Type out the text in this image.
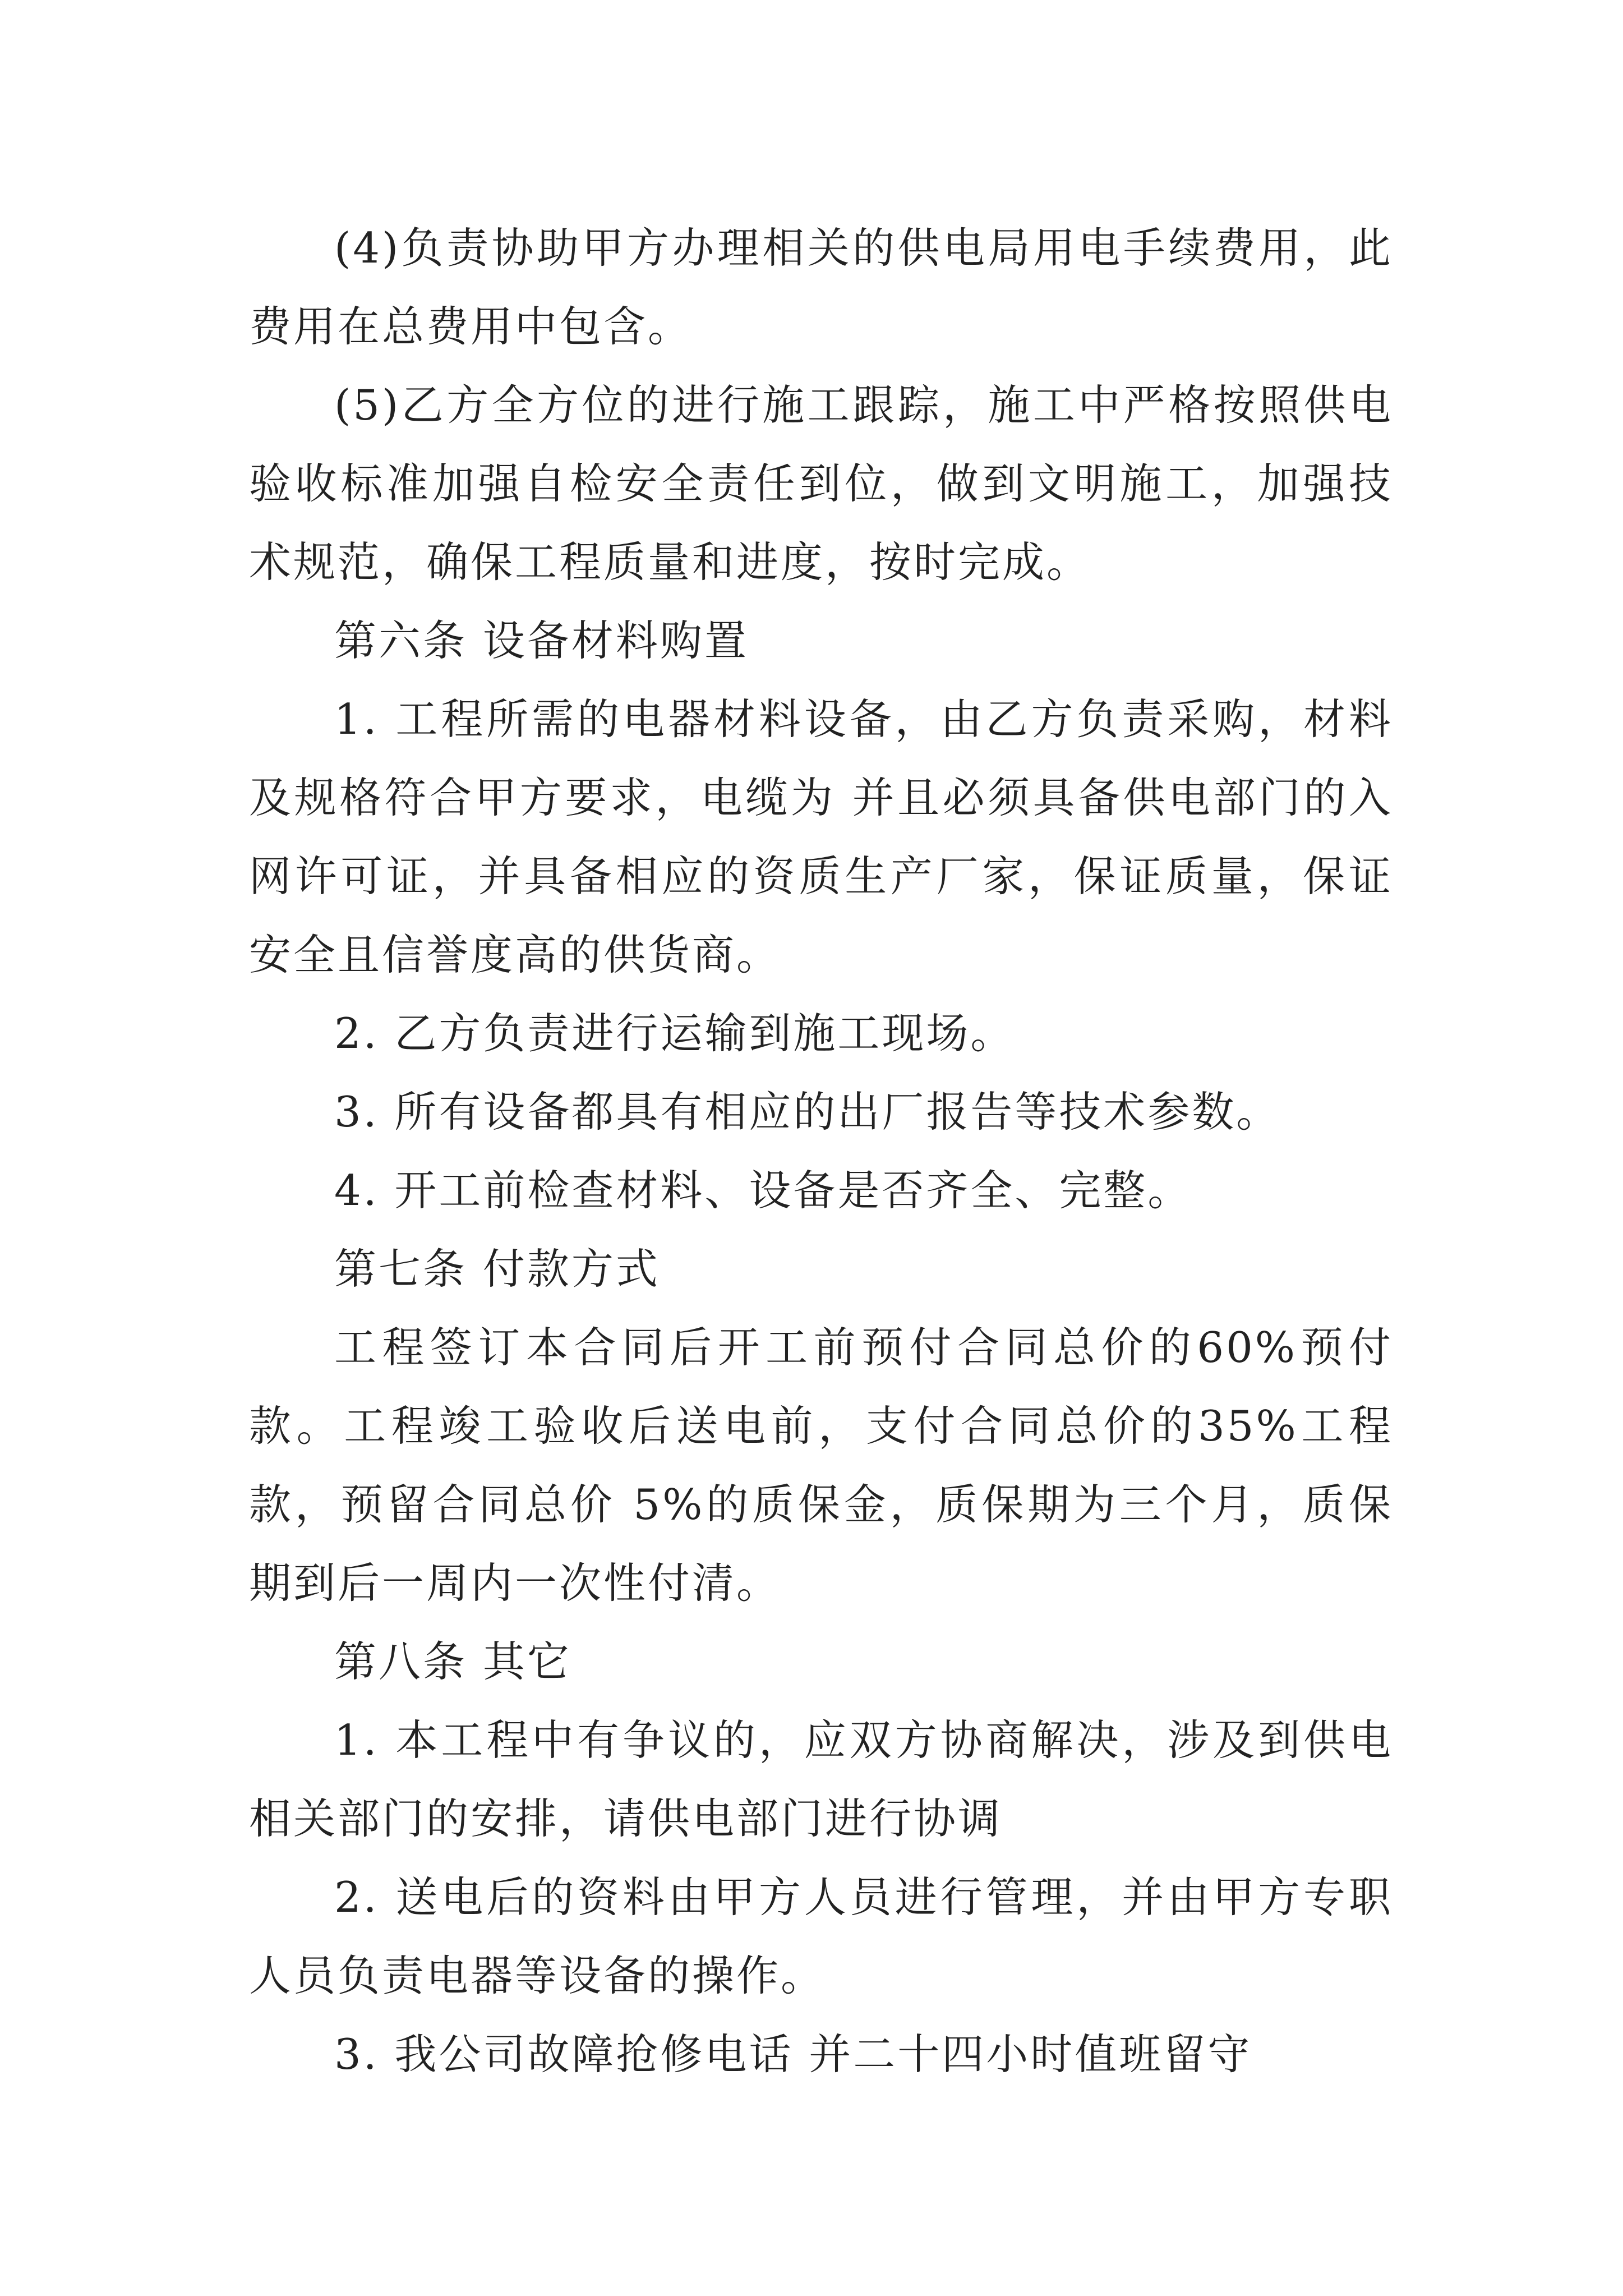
(4)负责协助甲方办理相关的供电局用电手续费用，此费用在总费用中包含。

(5)乙方全方位的进行施工跟踪，施工中严格按照供电验收标准加强自检安全责任到位，做到文明施工，加强技术规范，确保工程质量和进度，按时完成。

第六条 设备材料购置

1. 工程所需的电器材料设备，由乙方负责采购，材料及规格符合甲方要求，电缆为 并且必须具备供电部门的入网许可证，并具备相应的资质生产厂家，保证质量，保证安全且信誉度高的供货商。

2. 乙方负责进行运输到施工现场。

3. 所有设备都具有相应的出厂报告等技术参数。

4. 开工前检查材料、设备是否齐全、完整。

第七条 付款方式

工程签订本合同后开工前预付合同总价的60%预付款。工程竣工验收后送电前，支付合同总价的35%工程款，预留合同总价 5%的质保金，质保期为三个月，质保期到后一周内一次性付清。

第八条 其它

1. 本工程中有争议的，应双方协商解决，涉及到供电相关部门的安排，请供电部门进行协调

2. 送电后的资料由甲方人员进行管理，并由甲方专职人员负责电器等设备的操作。

3. 我公司故障抢修电话 并二十四小时值班留守
